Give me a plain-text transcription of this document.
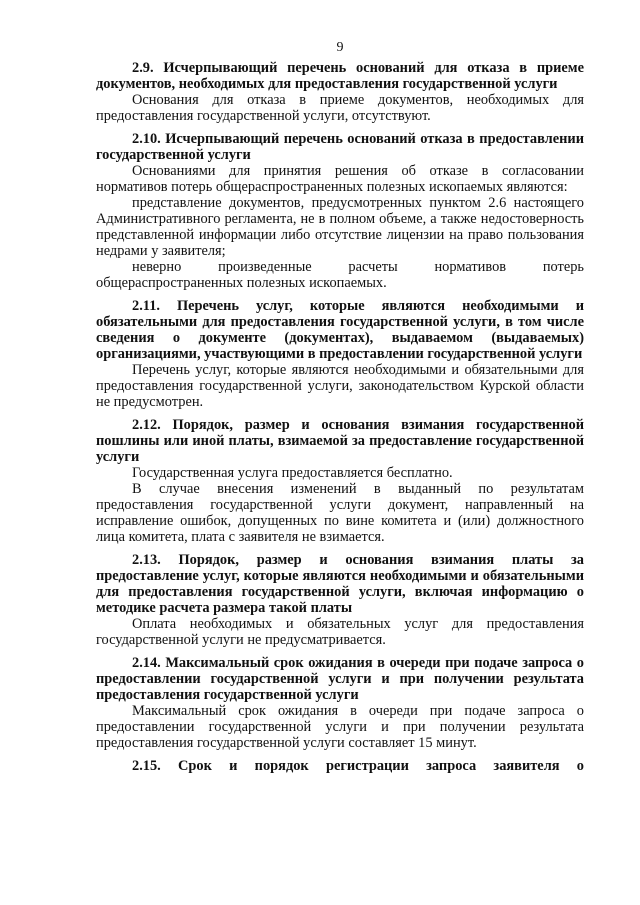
9

2.9. Исчерпывающий перечень оснований для отказа в приеме документов, необходимых для предоставления государственной услуги

Основания для отказа в приеме документов, необходимых для предоставления государственной услуги, отсутствуют.

2.10. Исчерпывающий перечень оснований отказа в предоставлении государственной услуги

Основаниями для принятия решения об отказе в согласовании нормативов потерь общераспространенных полезных ископаемых являются:

представление документов, предусмотренных пунктом 2.6 настоящего Административного регламента, не в полном объеме, а также недостоверность представленной информации либо отсутствие лицензии на право пользования недрами у заявителя;

неверно произведенные расчеты нормативов потерь общераспространенных полезных ископаемых.

2.11. Перечень услуг, которые являются необходимыми и обязательными для предоставления государственной услуги, в том числе сведения о документе (документах), выдаваемом (выдаваемых) организациями, участвующими в предоставлении государственной услуги

Перечень услуг, которые являются необходимыми и обязательными для предоставления государственной услуги, законодательством Курской области не предусмотрен.

2.12. Порядок, размер и основания взимания государственной пошлины или иной платы, взимаемой за предоставление государственной услуги

Государственная услуга предоставляется бесплатно.

В случае внесения изменений в выданный по результатам предоставления государственной услуги документ, направленный на исправление ошибок, допущенных по вине комитета и (или) должностного лица комитета, плата с заявителя не взимается.

2.13. Порядок, размер и основания взимания платы за предоставление услуг, которые являются необходимыми и обязательными для предоставления государственной услуги, включая информацию о методике расчета размера такой платы

Оплата необходимых и обязательных услуг для предоставления государственной услуги не предусматривается.

2.14. Максимальный срок ожидания в очереди при подаче запроса о предоставлении государственной услуги и при получении результата предоставления государственной услуги

Максимальный срок ожидания в очереди при подаче запроса о предоставлении государственной услуги и при получении результата предоставления государственной услуги составляет 15 минут.

2.15. Срок и порядок регистрации запроса заявителя о
